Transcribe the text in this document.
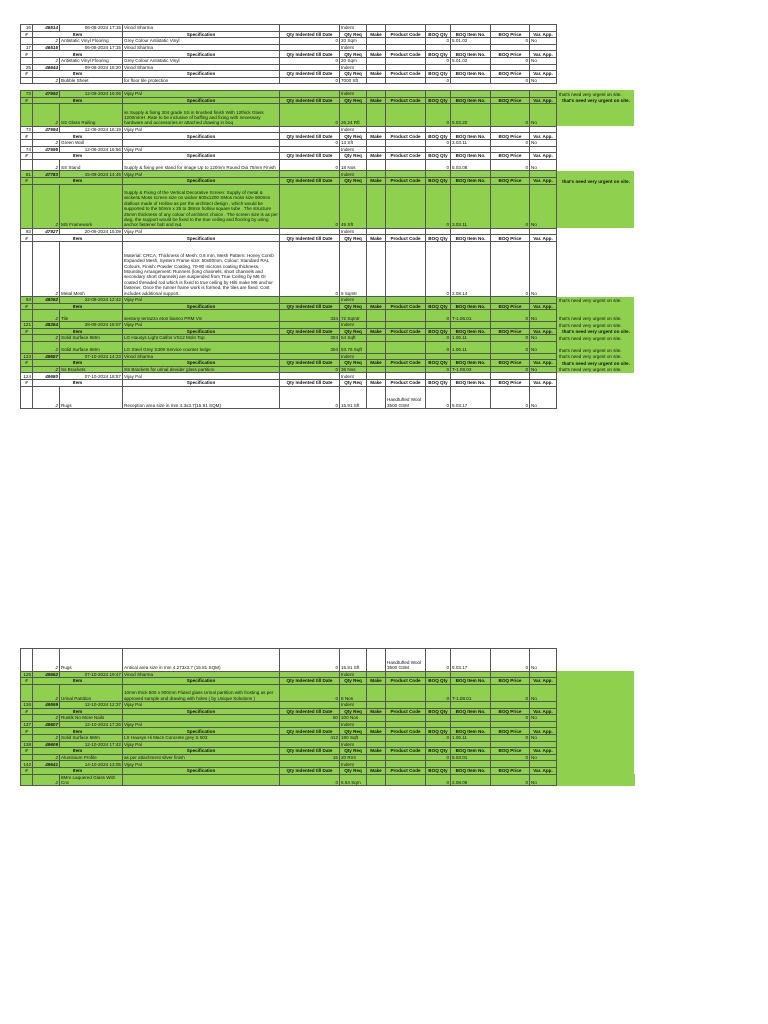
16	46514	06-08-2024 17:15	Vinod Sharma		Indent							
#	Item		Specification	Qty Indented till Date	Qty Req	Make	Product Code	BOQ Qty	BOQ Item No.	BOQ Price	Var. App.	
	2	Antistatic Vinyl Flooring	Grey Colour Antistatic Vinyl	0	20 Sqm			0	5.01.02	0	No	
17	46515	06-08-2024 17:15	Vinod Sharma		Indent							
#	Item		Specification	Qty Indented till Date	Qty Req	Make	Product Code	BOQ Qty	BOQ Item No.	BOQ Price	Var. App.	
	2	Antistatic Vinyl Flooring	Grey Colour Antistatic Vinyl	0	20 Sqm			0	5.01.02	0	No	
25	46644	09-08-2024 15:20	Vinod Sharma		Indent							
#	Item		Specification	Qty Indented till Date	Qty Req	Make	Product Code	BOQ Qty	BOQ Item No.	BOQ Price	Var. App.	
	2	Bubble Sheet	for floor tile protection	0	7000 Sft			0		0	No	

73	47692	12-09-2024 16:06	Vijay Pal		Indent							that's need very urgent on site.
#	Item		Specification	Qty Indented till Date	Qty Req	Make	Product Code	BOQ Qty	BOQ Item No.	BOQ Price	Var. App.	that's need very urgent on site.
	2	SS Glass Railing	ss Supply & fixing 304 grade SS in brushed finish With 12thick Glass 1200mmH .Rate to be inclusive of buffing and fixing with necessary hardware and accessories.er attached drawing in boq	0	26.24 Rft			0	5.03.20	0	No	
73	47694	12-09-2024 16:19	Vijay Pal		Indent							
#	Item		Specification	Qty Indented till Date	Qty Req	Make	Product Code	BOQ Qty	BOQ Item No.	BOQ Price	Var. App.	
	2	Green Wall		0	13 Sft			0	3.03.11	0	No	
74	47695	12-09-2024 16:56	Vijay Pal		Indent							
#	Item		Specification	Qty Indented till Date	Qty Req	Make	Product Code	BOQ Qty	BOQ Item No.	BOQ Price	Var. App.	
	2	SS Stand	Supply & fixing pen stand for image Up to 120mm Round Dia 75mm Finish	0	18 Nos			0	5.03.08	0	No	
81	47783	15-09-2024 14:45	Vijay Pal		Indent							
#	Item		Specification	Qty Indented till Date	Qty Req	Make	Product Code	BOQ Qty	BOQ Item No.	BOQ Price	Var. App.	that's need very urgent on site.
	2	MS Framework	Supply & Fixing of the Vertical Decorative Screen: Supply of metal & wicker& Moss screen size on wicker 600x1200 SMos moss size 600mm diallous made of Hollow as per the architect design , which would be supported to the 50mm x 25 to 38mm hollow square tube . The structure 25mm thickness of any colour of architect choice . The screen size is as per dwg, the support would be fixed to the true ceiling and flooring by using anchor fastener bolt and nut.	0	45 Sft			0	3.03.11	0	No	
93	47927	20-09-2024 15:09	Vijay Pal		Indent							
#	Item		Specification	Qty Indented till Date	Qty Req	Make	Product Code	BOQ Qty	BOQ Item No.	BOQ Price	Var. App.	
	2	Metal Mesh	Material: CRCA, Thickness of Mesh: 0.8 mm, Mesh Pattern: Honey Comb Expanded Mesh, System Frame size: 50x50mm, Colour: Standard RAL Colours, Finish: Powder Coating, 70-80 microns coating thickness, Mounting Arrangement: Runners (long channels, short channels and secondary short channels) are suspended from True Ceiling by M6 GI coated threaded rod which is fixed to true ceiling by Hilti make M6 anchor fastener. Once the runner frame work is formed, the tiles are fixed. Cost includes additional support.	0	6 Sqmtr			0	2.08.14	0	No	
93	48062	22-09-2024 12:42	Vijay Pal		Indent							that's need very urgent on site.
#	Item		Specification	Qty Indented till Date	Qty Req	Make	Product Code	BOQ Qty	BOQ Item No.	BOQ Price	Var. App.	
	2	Tile	sentony terrazzo eton bianco PRM VS	334	72 Sqmtr			0	T-1.06.01	0	No	that's need very urgent on site.
121	48264	28-09-2024 18:07	Vijay Pal		Indent							that's need very urgent on site.
#	Item		Specification	Qty Indented till Date	Qty Req	Make	Product Code	BOQ Qty	BOQ Item No.	BOQ Price	Var. App.	that's need very urgent on site.
	2	Solid Surface 6Mm	LG Hausys Light Calfos VS12 Moln Top	304	54 Sqft			0	1.06.11	0	No	that's need very urgent on site.
	2	Solid Surface 6Mm	LG Steel Grey S309 Service counter ledge	304	53.76 Sqft			0	1.06.11	0	No	that's need very urgent on site.
123	49657	07-10-2024 14:23	Vinod Sharma		Indent							that's need very urgent on site.
#	Item		Specification	Qty Indented till Date	Qty Req	Make	Product Code	BOQ Qty	BOQ Item No.	BOQ Price	Var. App.	that's need very urgent on site.
	2	Ss Brackets	SS Brackets for urinal devider glass partition	0	36 Nos			0	T-1.08.03	0	No	that's need very urgent on site.
124	49680	07-10-2024 18:57	Vijay Pal		Indent							
#	Item		Specification	Qty Indented till Date	Qty Req	Make	Product Code	BOQ Qty	BOQ Item No.	BOQ Price	Var. App.	
	2	Rugs	Reception area size in mm 4.3x3.7(15.91 SQM)	0	15.91 Sft		Handtufted Wool 3500 GSM	0	5.03.17	0	No	
	2	Rugs	Antical area size in mm 4.273x3.7 (15.81 SQM)	0	15.81 Sft		Handtufted Wool 3500 GSM	0	5.03.17	0	No	
125	49662	07-10-2024 19:47	Vinod Sharma		Indent							
#	Item		Specification	Qty Indented till Date	Qty Req	Make	Product Code	BOQ Qty	BOQ Item No.	BOQ Price	Var. App.	
	2	Urinal Partition	10mm thick 500 x 900mm Fluted glass Urinal partition with frosting as per approved sample and drawing with holes ( by Unique Solutions )	0	8 Nos			0	T-1.08.01	0	No	
136	49599	12-10-2024 12:37	Vijay Pal		Indent							
#	Item		Specification	Qty Indented till Date	Qty Req	Make	Product Code	BOQ Qty	BOQ Item No.	BOQ Price	Var. App.	
	2	Rustik No More Nails		50	100 Nos					0	No	
137	49607	12-10-2024 17:26	Vijay Pal		Indent							
#	Item		Specification	Qty Indented till Date	Qty Req	Make	Product Code	BOQ Qty	BOQ Item No.	BOQ Price	Var. App.	
	2	Solid Surface 6Mm	LX Hausys Hi Macs Concrete grey S 503	412	180 Sqft			0	1.06.11	0	No	
138	49609	12-10-2024 17:42	Vijay Pal		Indent							
#	Item		Specification	Qty Indented till Date	Qty Req	Make	Product Code	BOQ Qty	BOQ Item No.	BOQ Price	Var. App.	
	2	Aluminium Profile	as per attachment silver finish	15	20 Rmt			0	5.03.01	0	No	
142	49641	14-10-2024 13:05	Vijay Pal		Indent							
#	Item		Specification	Qty Indented till Date	Qty Req	Make	Product Code	BOQ Qty	BOQ Item No.	BOQ Price	Var. App.	
	2	8Mm Laquered Glass With Cnc		0	6.64 Sqm			0	2.08.09	0	No	
